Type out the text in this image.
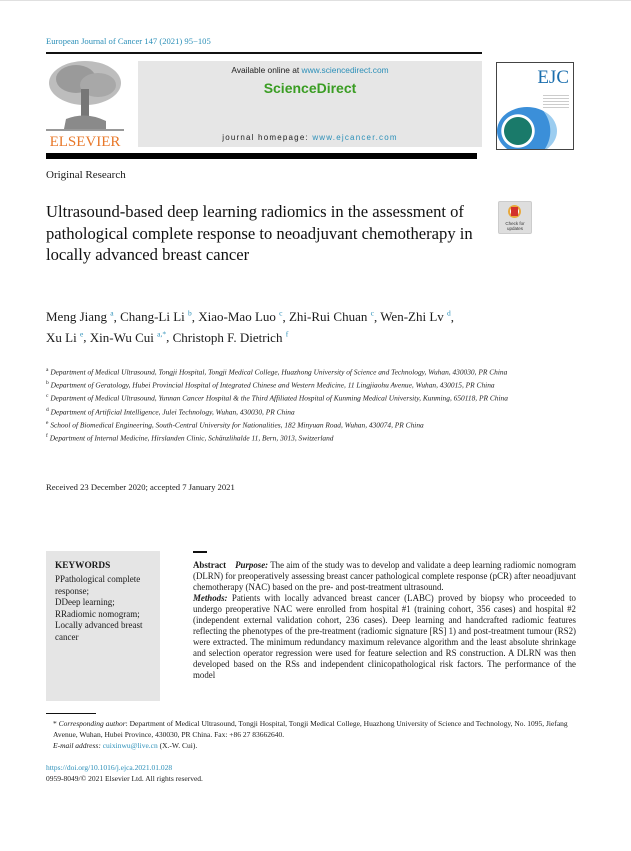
European Journal of Cancer 147 (2021) 95−105
ELSEVIER
Available online at www.sciencedirect.com
ScienceDirect
journal homepage: www.ejcancer.com
EJC
Original Research
Ultrasound-based deep learning radiomics in the assessment of pathological complete response to neoadjuvant chemotherapy in locally advanced breast cancer
Check for updates
Meng Jiang $^a$, Chang-Li Li $^b$, Xiao-Mao Luo $^c$, Zhi-Rui Chuan $^c$, Wen-Zhi Lv $^d$, Xu Li $^e$, Xin-Wu Cui $^{a,*}$, Christoph F. Dietrich $^f$
$^a$ Department of Medical Ultrasound, Tongji Hospital, Tongji Medical College, Huazhong University of Science and Technology, Wuhan, 430030, PR China
$^b$ Department of Geratology, Hubei Provincial Hospital of Integrated Chinese and Western Medicine, 11 Lingjiaohu Avenue, Wuhan, 430015, PR China
$^c$ Department of Medical Ultrasound, Yunnan Cancer Hospital & the Third Affiliated Hospital of Kunming Medical University, Kunming, 650118, PR China
$^d$ Department of Artificial Intelligence, Julei Technology, Wuhan, 430030, PR China
$^e$ School of Biomedical Engineering, South-Central University for Nationalities, 182 Minyuan Road, Wuhan, 430074, PR China
$^f$ Department of Internal Medicine, Hirslanden Clinic, Schänzlihalde 11, Bern, 3013, Switzerland
Received 23 December 2020; accepted 7 January 2021
KEYWORDS
PPathological complete response;
DDeep learning;
RRadiomic nomogram;
Locally advanced breast cancer
Abstract Purpose: The aim of the study was to develop and validate a deep learning radiomic nomogram (DLRN) for preoperatively assessing breast cancer pathological complete response (pCR) after neoadjuvant chemotherapy (NAC) based on the pre- and post-treatment ultrasound.
Methods: Patients with locally advanced breast cancer (LABC) proved by biopsy who proceeded to undergo preoperative NAC were enrolled from hospital #1 (training cohort, 356 cases) and hospital #2 (independent external validation cohort, 236 cases). Deep learning and handcrafted radiomic features reflecting the phenotypes of the pre-treatment (radiomic signature [RS] 1) and post-treatment tumour (RS2) were extracted. The minimum redundancy maximum relevance algorithm and the least absolute shrinkage and selection operator regression were used for feature selection and RS construction. A DLRN was then developed based on the RSs and independent clinicopathological risk factors. The performance of the model
* Corresponding author: Department of Medical Ultrasound, Tongji Hospital, Tongji Medical College, Huazhong University of Science and Technology, No. 1095, Jiefang Avenue, Wuhan, Hubei Province, 430030, PR China. Fax: +86 27 83662640.
E-mail address: cuixinwu@live.cn (X.-W. Cui).
https://doi.org/10.1016/j.ejca.2021.01.028
0959-8049/© 2021 Elsevier Ltd. All rights reserved.
